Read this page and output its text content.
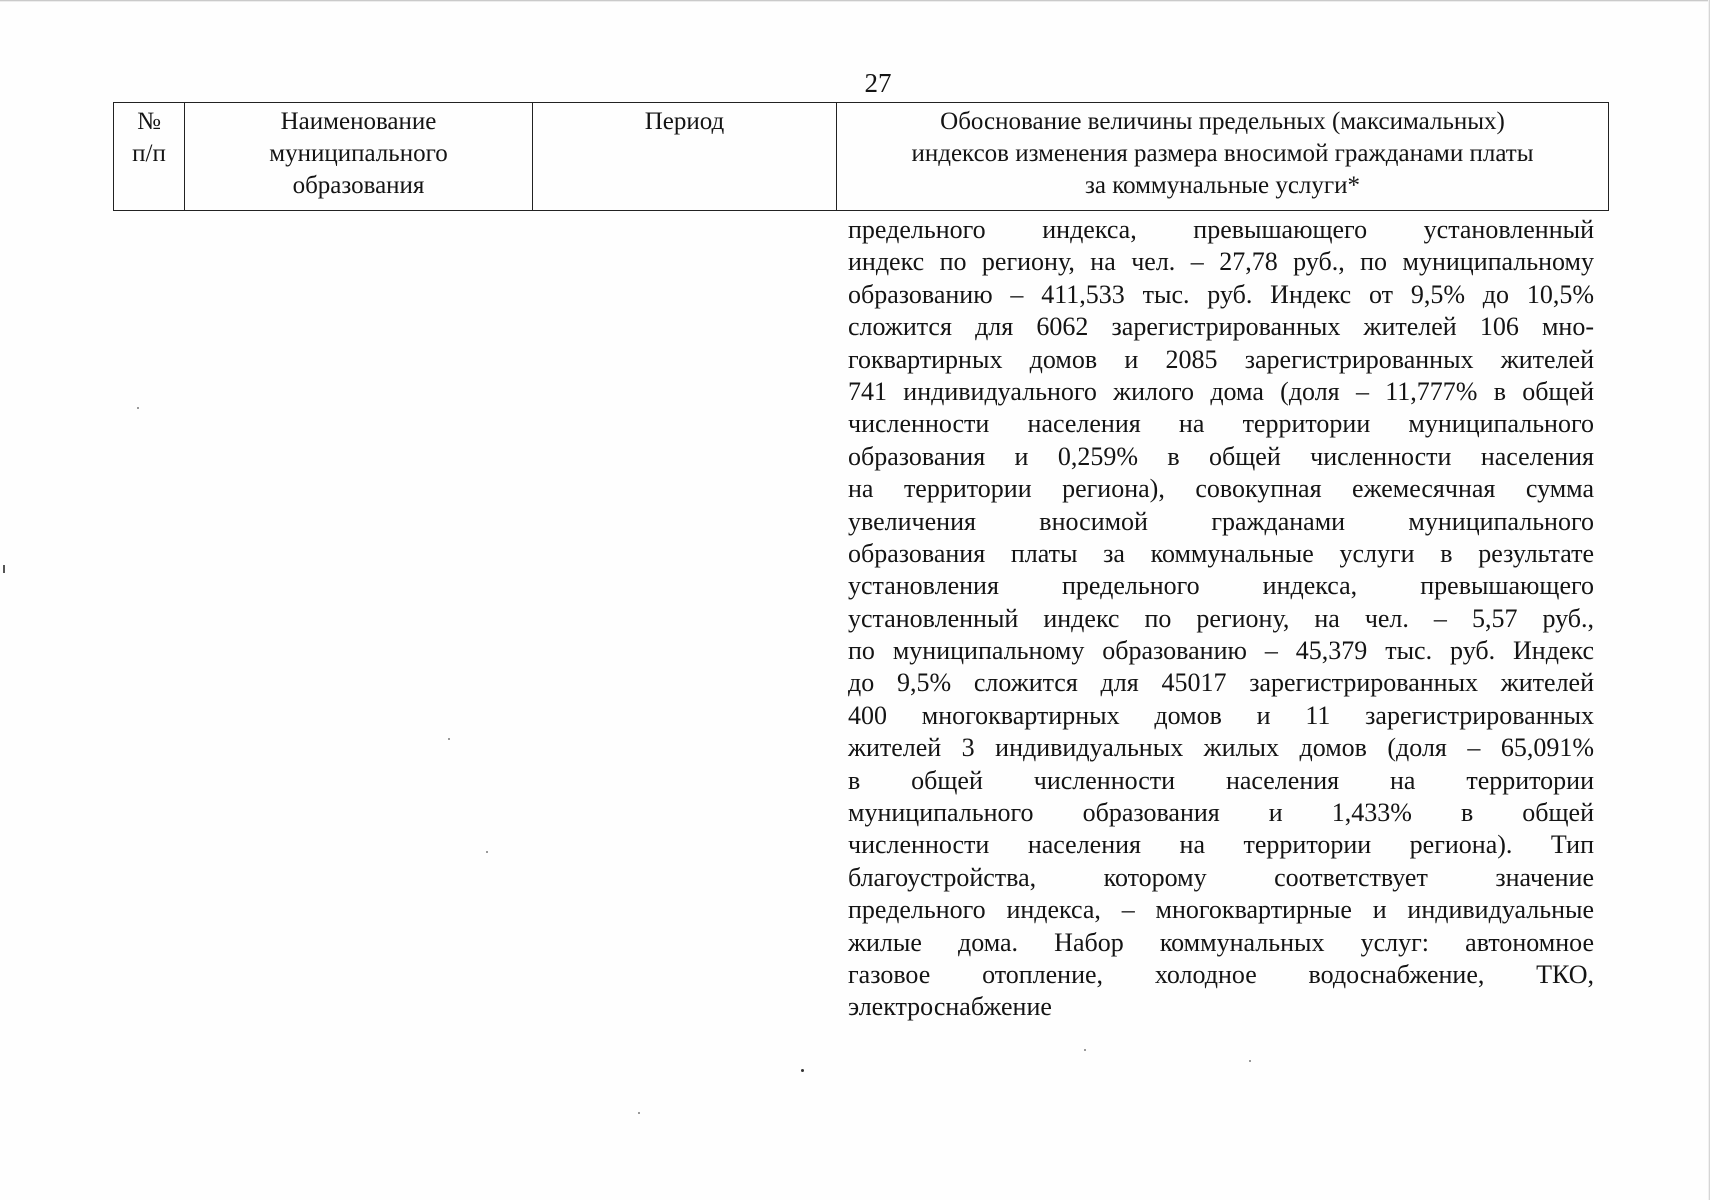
27
№
п/п
Наименование
муниципального
образования
Период	Обоснование величины предельных (максимальных)
индексов изменения размера вносимой гражданами платы
за коммунальные услуги*
предельного индекса, превышающего установленный
индекс по региону, на чел. – 27,78 руб., по муниципальному
образованию – 411,533 тыс. руб. Индекс от 9,5% до 10,5%
сложится для 6062 зарегистрированных жителей 106 мно-
гоквартирных домов и 2085 зарегистрированных жителей
741 индивидуального жилого дома (доля – 11,777% в общей
численности населения на территории муниципального
образования и 0,259% в общей численности населения
на территории региона), совокупная ежемесячная сумма
увеличения вносимой гражданами муниципального
образования платы за коммунальные услуги в результате
установления предельного индекса, превышающего
установленный индекс по региону, на чел. – 5,57 руб.,
по муниципальному образованию – 45,379 тыс. руб. Индекс
до 9,5% сложится для 45017 зарегистрированных жителей
400 многоквартирных домов и 11 зарегистрированных
жителей 3 индивидуальных жилых домов (доля – 65,091%
в общей численности населения на территории
муниципального образования и 1,433% в общей
численности населения на территории региона). Тип
благоустройства, которому соответствует значение
предельного индекса, – многоквартирные и индивидуальные
жилые дома. Набор коммунальных услуг: автономное
газовое отопление, холодное водоснабжение, ТКО,
электроснабжение
